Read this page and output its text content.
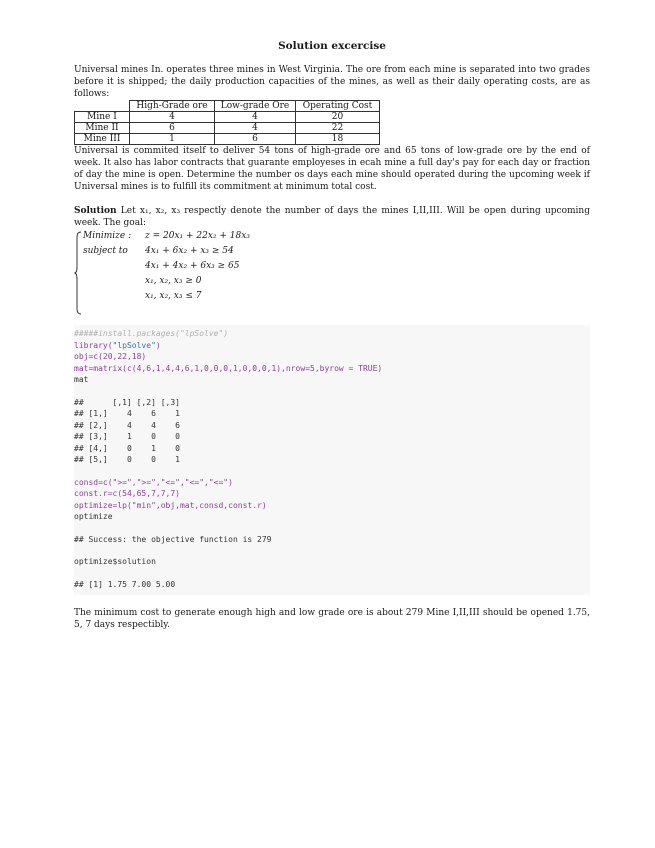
Solution excercise

Universal mines In. operates three mines in West Virginia. The ore from each mine is separated into two grades before it is shipped; the daily production capacities of the mines, as well as their daily operating costs, are as follows:

	High-Grade ore	Low-grade Ore	Operating Cost
Mine I	4	4	20
Mine II	6	4	22
Mine III	1	6	18

Universal is commited itself to deliver 54 tons of high-grade ore and 65 tons of low-grade ore by the end of week. It also has labor contracts that guarante employeses in ecah mine a full day's pay for each day or fraction of day the mine is open. Determine the number os days each mine should operated during the upcoming week if Universal mines is to fulfill its commitment at minimum total cost.

Solution Let x₁, x₂, x₃ respectly denote the number of days the mines I,II,III. Will be open during upcoming week. The goal:

Minimize : z = 20x₁ + 22x₂ + 18x₃
subject to 4x₁ + 6x₂ + x₃ ≥ 54
4x₁ + 4x₂ + 6x₃ ≥ 65
x₁, x₂, x₃ ≥ 0
x₁, x₂, x₃ ≤ 7
#####install.packages("lpSolve")
library("lpSolve")
obj=c(20,22,18)
mat=matrix(c(4,6,1,4,4,6,1,0,0,0,1,0,0,0,1),nrow=5,byrow = TRUE)
mat
##      [,1] [,2] [,3]
## [1,]    4    6    1
## [2,]    4    4    6
## [3,]    1    0    0
## [4,]    0    1    0
## [5,]    0    0    1
consd=c(">=",">=","<=","<=","<=")
const.r=c(54,65,7,7,7)
optimize=lp("min",obj,mat,consd,const.r)
optimize
## Success: the objective function is 279
optimize$solution
## [1] 1.75 7.00 5.00

The minimum cost to generate enough high and low grade ore is about 279 Mine I,II,III should be opened 1.75, 5, 7 days respectibly.
